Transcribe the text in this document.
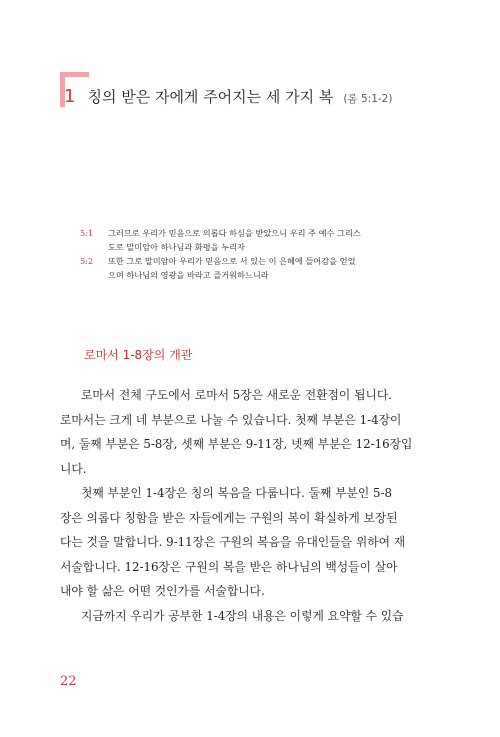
1 칭의 받은 자에게 주어지는 세 가지 복 (롬 5:1-2)
5:1	그러므로 우리가 믿음으로 의롭다 하심을 받았으니 우리 주 예수 그리스
도로 말미암아 하나님과 화평을 누리자
5:2	또한 그로 말미암아 우리가 믿음으로 서 있는 이 은혜에 들어감을 얻었
으며 하나님의 영광을 바라고 즐거워하느니라
로마서 1-8장의 개관
로마서 전체 구도에서 로마서 5장은 새로운 전환점이 됩니다.
로마서는 크게 네 부분으로 나눌 수 있습니다. 첫째 부분은 1-4장이
며, 둘째 부분은 5-8장, 셋째 부분은 9-11장, 넷째 부분은 12-16장입
니다.
첫째 부분인 1-4장은 칭의 복음을 다룹니다. 둘째 부분인 5-8
장은 의롭다 칭함을 받은 자들에게는 구원의 복이 확실하게 보장된
다는 것을 말합니다. 9-11장은 구원의 복음을 유대인들을 위하여 재
서술합니다. 12-16장은 구원의 복을 받은 하나님의 백성들이 살아
내야 할 삶은 어떤 것인가를 서술합니다.
지금까지 우리가 공부한 1-4장의 내용은 이렇게 요약할 수 있습
22
